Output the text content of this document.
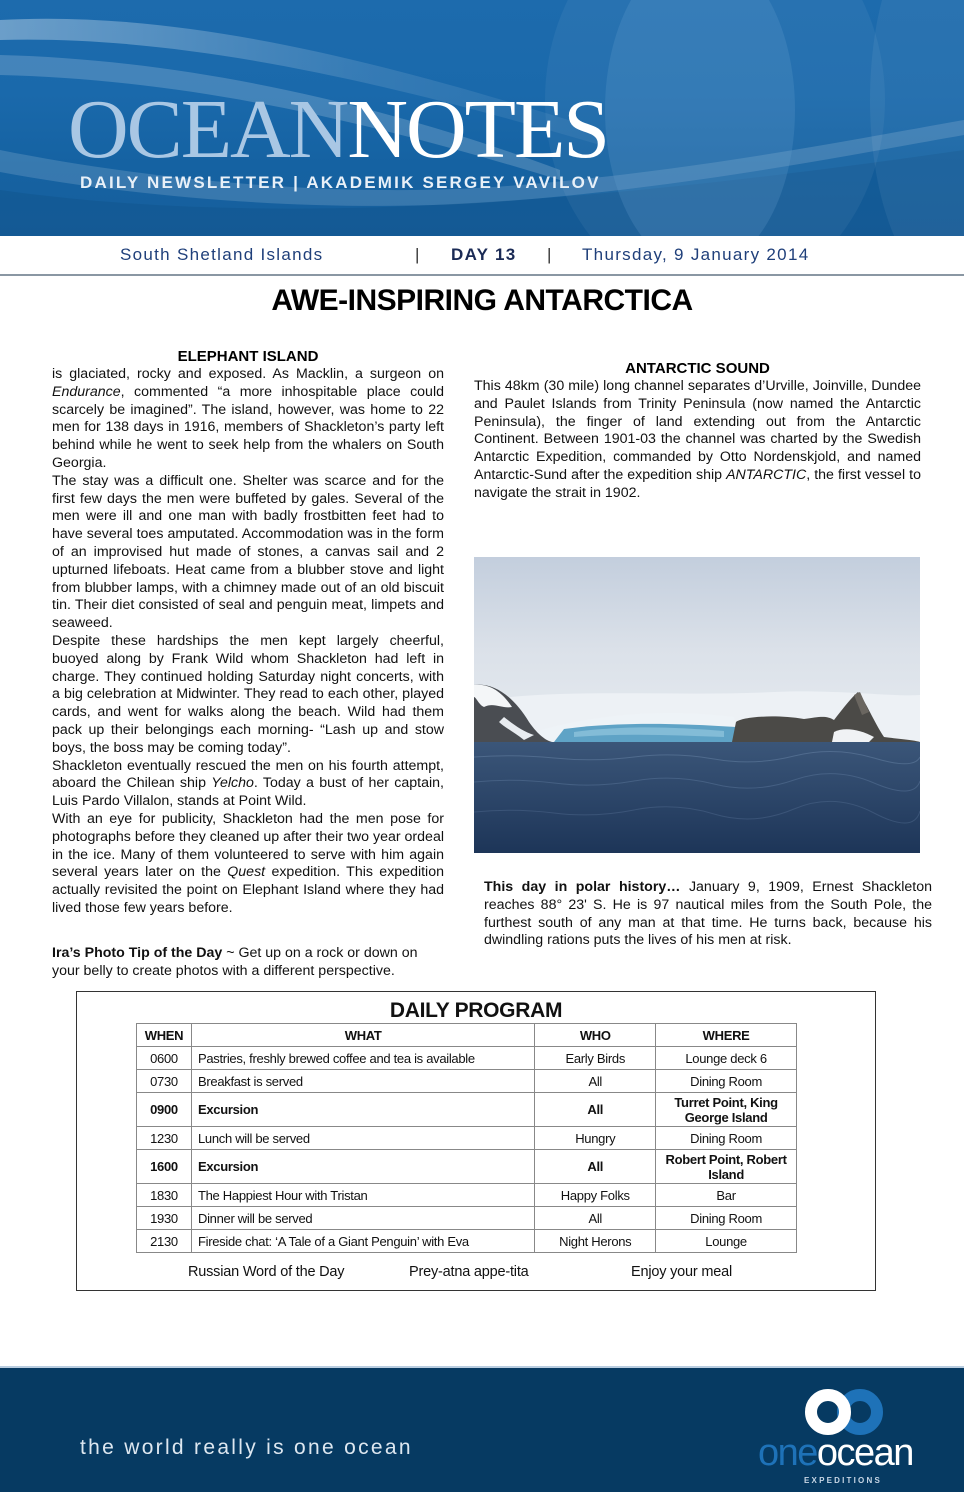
OCEANNOTES
DAILY NEWSLETTER | AKADEMIK SERGEY VAVILOV
South Shetland Islands	| DAY 13 | Thursday, 9 January 2014
AWE-INSPIRING ANTARCTICA
ELEPHANT ISLAND

is glaciated, rocky and exposed. As Macklin, a surgeon on Endurance, commented “a more inhospitable place could scarcely be imagined”. The island, however, was home to 22 men for 138 days in 1916, members of Shackleton’s party left behind while he went to seek help from the whalers on South Georgia.

The stay was a difficult one. Shelter was scarce and for the first few days the men were buffeted by gales. Several of the men were ill and one man with badly frostbitten feet had to have several toes amputated. Accommodation was in the form of an improvised hut made of stones, a canvas sail and 2 upturned lifeboats. Heat came from a blubber stove and light from blubber lamps, with a chimney made out of an old biscuit tin. Their diet consisted of seal and penguin meat, limpets and seaweed.

Despite these hardships the men kept largely cheerful, buoyed along by Frank Wild whom Shackleton had left in charge. They continued holding Saturday night concerts, with a big celebration at Midwinter. They read to each other, played cards, and went for walks along the beach. Wild had them pack up their belongings each morning- “Lash up and stow boys, the boss may be coming today”.

Shackleton eventually rescued the men on his fourth attempt, aboard the Chilean ship Yelcho. Today a bust of her captain, Luis Pardo Villalon, stands at Point Wild.

With an eye for publicity, Shackleton had the men pose for photographs before they cleaned up after their two year ordeal in the ice. Many of them volunteered to serve with him again several years later on the Quest expedition. This expedition actually revisited the point on Elephant Island where they had lived those few years before.

Ira’s Photo Tip of the Day ~ Get up on a rock or down on your belly to create photos with a different perspective.
ANTARCTIC SOUND

This 48km (30 mile) long channel separates d’Urville, Joinville, Dundee and Paulet Islands from Trinity Peninsula (now named the Antarctic Peninsula), the finger of land extending out from the Antarctic Continent. Between 1901-03 the channel was charted by the Swedish Antarctic Expedition, commanded by Otto Nordenskjold, and named Antarctic-Sund after the expedition ship ANTARCTIC, the first vessel to navigate the strait in 1902.

This day in polar history… January 9, 1909, Ernest Shackleton reaches 88° 23' S. He is 97 nautical miles from the South Pole, the furthest south of any man at that time. He turns back, because his dwindling rations puts the lives of his men at risk.
DAILY PROGRAM
WHEN	WHAT	WHO	WHERE
0600	Pastries, freshly brewed coffee and tea is available	Early Birds	Lounge deck 6
0730	Breakfast is served	All	Dining Room
0900	Excursion	All	Turret Point, King George Island
1230	Lunch will be served	Hungry	Dining Room
1600	Excursion	All	Robert Point, Robert Island
1830	The Happiest Hour with Tristan	Happy Folks	Bar
1930	Dinner will be served	All	Dining Room
2130	Fireside chat: ‘A Tale of a Giant Penguin’ with Eva	Night Herons	Lounge
Russian Word of the Day	Prey-atna appe-tita	Enjoy your meal
the world really is one ocean	oneocean
EXPEDITIONS
